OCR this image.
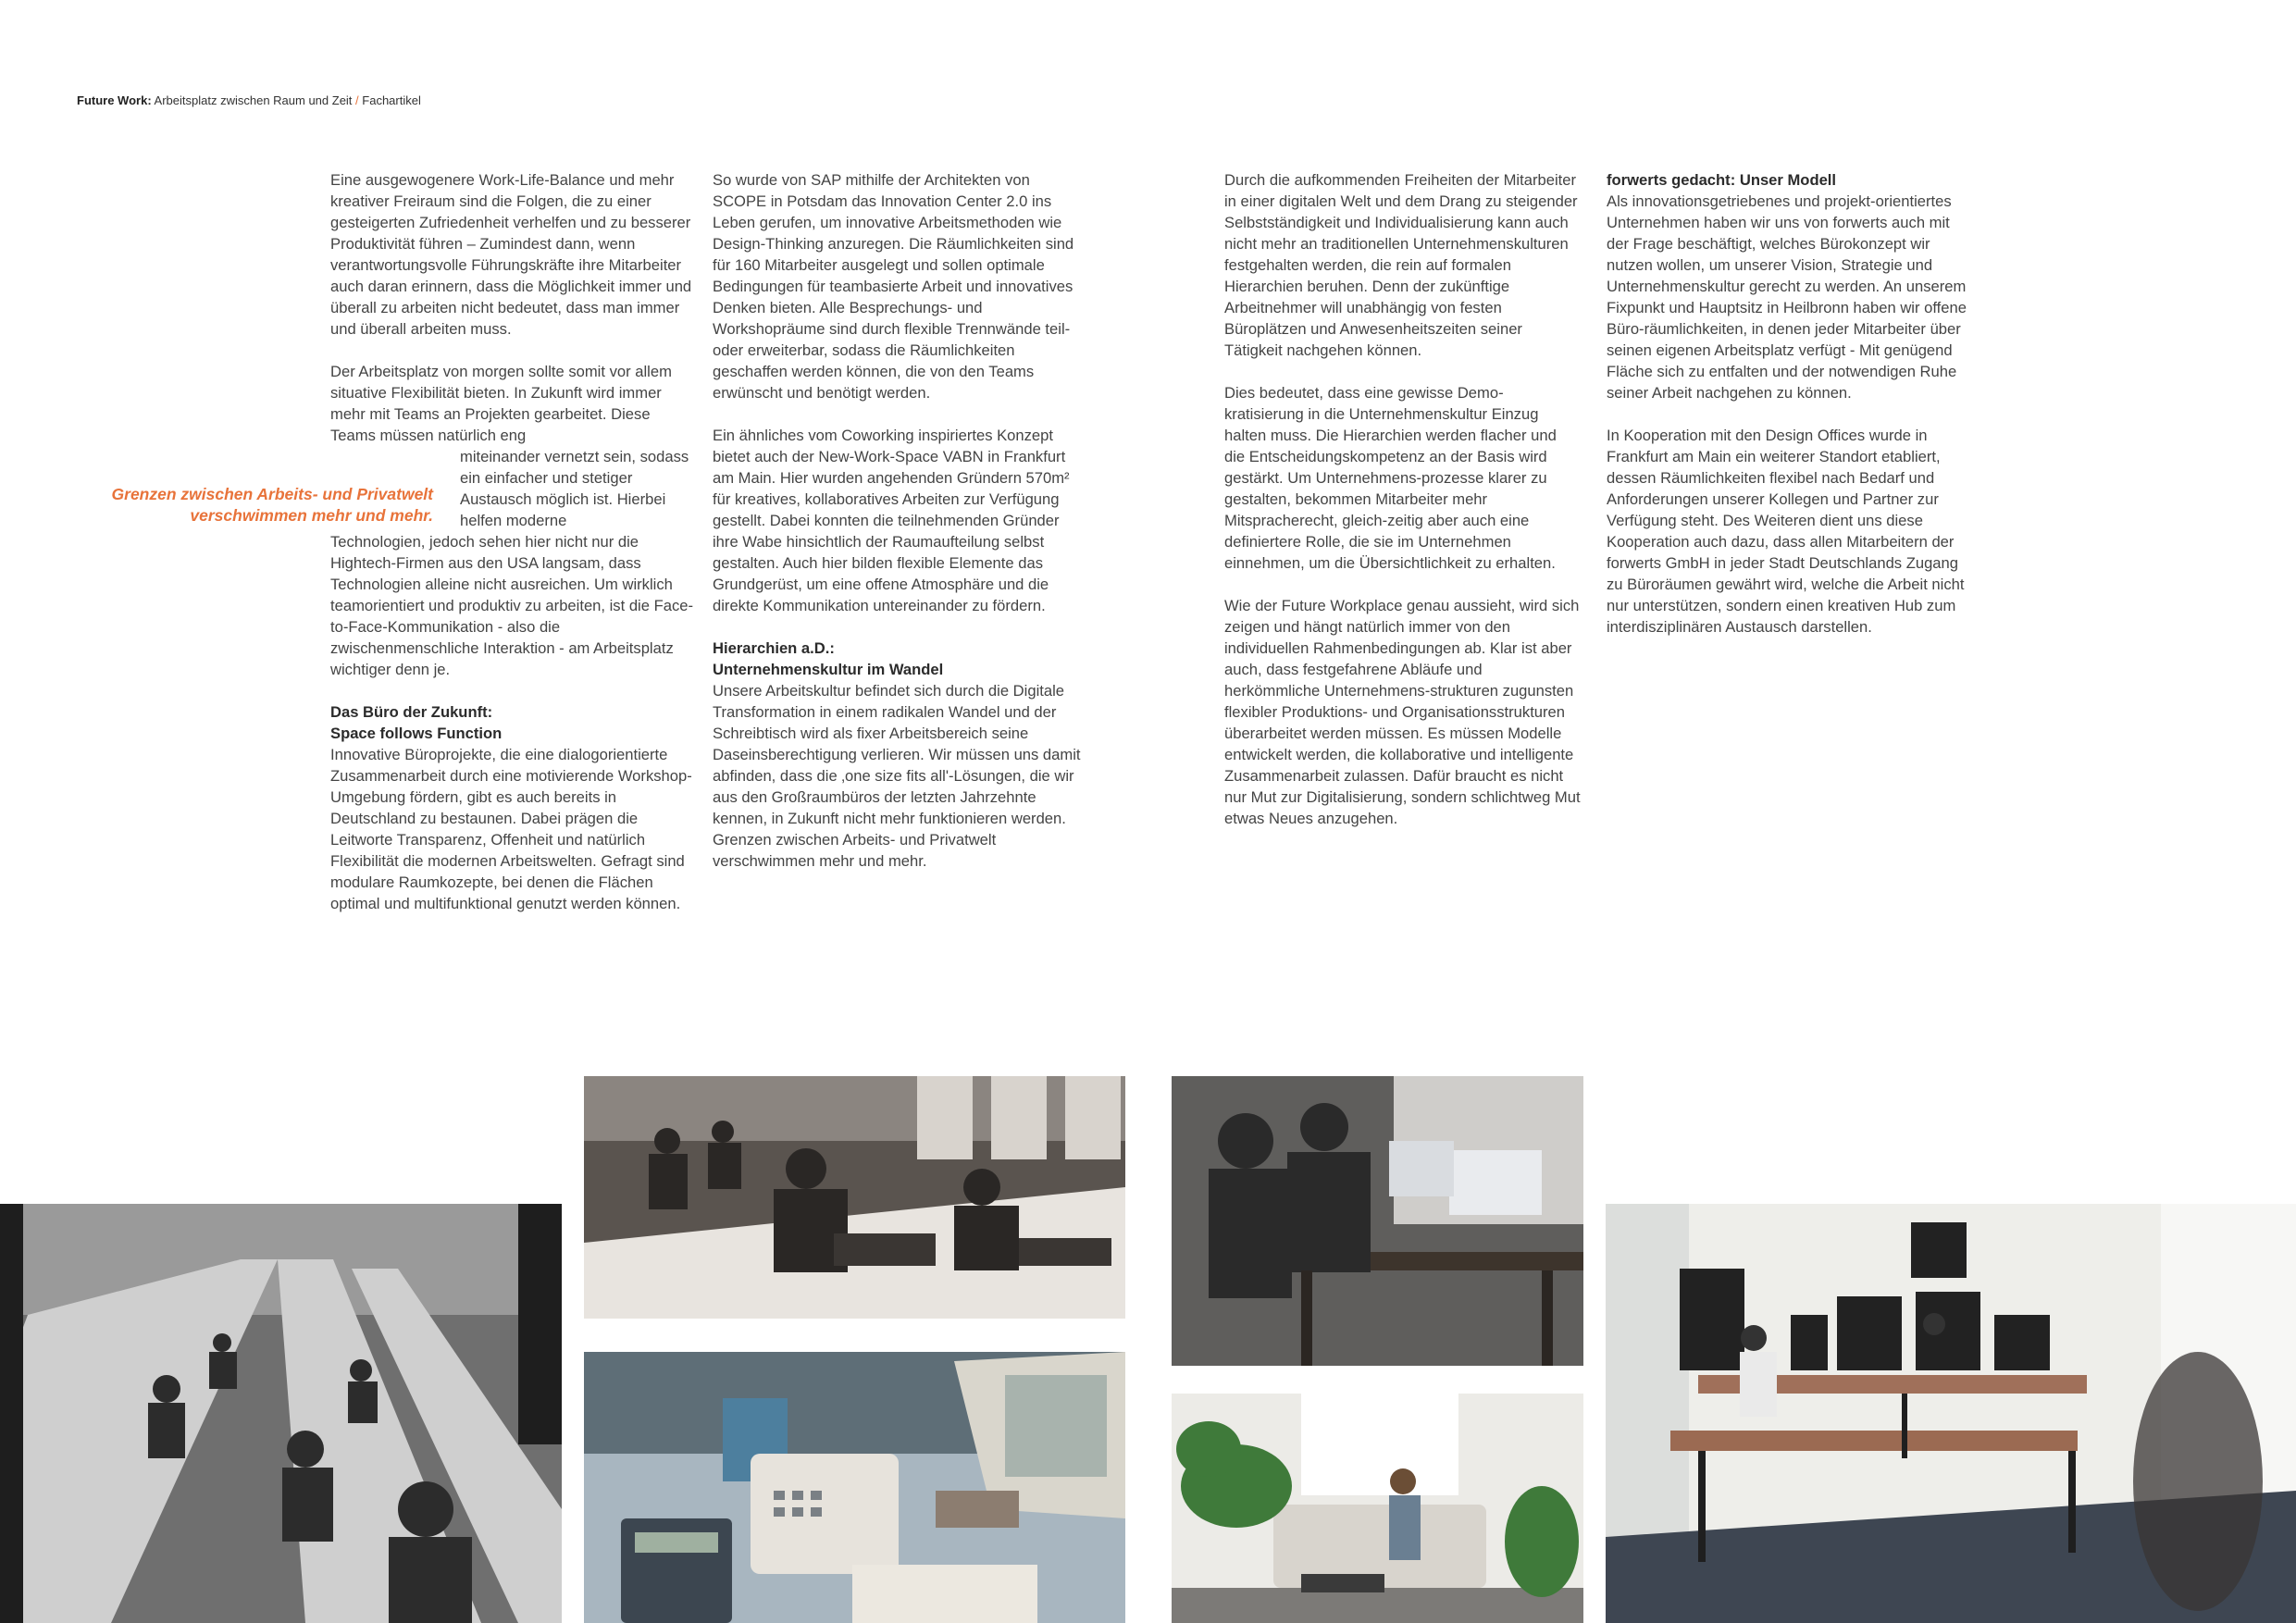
Future Work: Arbeitsplatz zwischen Raum und Zeit / Fachartikel
Grenzen zwischen Arbeits- und Privatwelt
verschwimmen mehr und mehr.

Eine ausgewogenere Work-Life-Balance und mehr kreativer Freiraum sind die Folgen, die zu einer gesteigerten Zufriedenheit verhelfen und zu besserer Produktivität führen – Zumindest dann, wenn verantwortungsvolle Führungskräfte ihre Mitarbeiter auch daran erinnern, dass die Möglichkeit immer und überall zu arbeiten nicht bedeutet, dass man immer und überall arbeiten muss.

Der Arbeitsplatz von morgen sollte somit vor allem situative Flexibilität bieten. In Zukunft wird immer mehr mit Teams an Projekten gearbeitet. Diese Teams müssen natürlich eng

miteinander vernetzt sein, sodass ein einfacher und stetiger Austausch möglich ist. Hierbei helfen moderne

Technologien, jedoch sehen hier nicht nur die Hightech-Firmen aus den USA langsam, dass Technologien alleine nicht ausreichen. Um wirklich teamorientiert und produktiv zu arbeiten, ist die Face-to-Face-Kommunikation - also die zwischenmenschliche Interaktion - am Arbeitsplatz wichtiger denn je.

Das Büro der Zukunft:
Space follows Function
Innovative Büroprojekte, die eine dialogorientierte Zusammenarbeit durch eine motivierende Workshop-Umgebung fördern, gibt es auch bereits in Deutschland zu bestaunen. Dabei prägen die Leitworte Transparenz, Offenheit und natürlich Flexibilität die modernen Arbeitswelten. Gefragt sind modulare Raumkozepte, bei denen die Flächen optimal und multifunktional genutzt werden können.

So wurde von SAP mithilfe der Architekten von SCOPE in Potsdam das Innovation Center 2.0 ins Leben gerufen, um innovative Arbeitsmethoden wie Design-Thinking anzuregen. Die Räumlichkeiten sind für 160 Mitarbeiter ausgelegt und sollen optimale Bedingungen für teambasierte Arbeit und innovatives Denken bieten. Alle Besprechungs- und Workshopräume sind durch flexible Trennwände teil- oder erweiterbar, sodass die Räumlichkeiten geschaffen werden können, die von den Teams erwünscht und benötigt werden.

Ein ähnliches vom Coworking inspiriertes Konzept bietet auch der New-Work-Space VABN in Frankfurt am Main. Hier wurden angehenden Gründern 570m² für kreatives, kollaboratives Arbeiten zur Verfügung gestellt. Dabei konnten die teilnehmenden Gründer ihre Wabe hinsichtlich der Raumaufteilung selbst gestalten. Auch hier bilden flexible Elemente das Grundgerüst, um eine offene Atmosphäre und die direkte Kommunikation untereinander zu fördern.

Hierarchien a.D.:
Unternehmenskultur im Wandel
Unsere Arbeitskultur befindet sich durch die Digitale Transformation in einem radikalen Wandel und der Schreibtisch wird als fixer Arbeitsbereich seine Daseinsberechtigung verlieren. Wir müssen uns damit abfinden, dass die ‚one size fits all'-Lösungen, die wir aus den Großraumbüros der letzten Jahrzehnte kennen, in Zukunft nicht mehr funktionieren werden. Grenzen zwischen Arbeits- und Privatwelt verschwimmen mehr und mehr.

Durch die aufkommenden Freiheiten der Mitarbeiter in einer digitalen Welt und dem Drang zu steigender Selbstständigkeit und Individualisierung kann auch nicht mehr an traditionellen Unternehmenskulturen festgehalten werden, die rein auf formalen Hierarchien beruhen. Denn der zukünftige Arbeitnehmer will unabhängig von festen Büroplätzen und Anwesenheitszeiten seiner Tätigkeit nachgehen können.

Dies bedeutet, dass eine gewisse Demo-kratisierung in die Unternehmenskultur Einzug halten muss. Die Hierarchien werden flacher und die Entscheidungskompetenz an der Basis wird gestärkt. Um Unternehmens-prozesse klarer zu gestalten, bekommen Mitarbeiter mehr Mitspracherecht, gleich-zeitig aber auch eine definiertere Rolle, die sie im Unternehmen einnehmen, um die Übersichtlichkeit zu erhalten.

Wie der Future Workplace genau aussieht, wird sich zeigen und hängt natürlich immer von den individuellen Rahmenbedingungen ab. Klar ist aber auch, dass festgefahrene Abläufe und herkömmliche Unternehmens-strukturen zugunsten flexibler Produktions- und Organisationsstrukturen überarbeitet werden müssen. Es müssen Modelle entwickelt werden, die kollaborative und intelligente Zusammenarbeit zulassen. Dafür braucht es nicht nur Mut zur Digitalisierung, sondern schlichtweg Mut etwas Neues anzugehen.

forwerts gedacht: Unser Modell
Als innovationsgetriebenes und projekt-orientiertes Unternehmen haben wir uns von forwerts auch mit der Frage beschäftigt, welches Bürokonzept wir nutzen wollen, um unserer Vision, Strategie und Unternehmenskultur gerecht zu werden. An unserem Fixpunkt und Hauptsitz in Heilbronn haben wir offene Büro-räumlichkeiten, in denen jeder Mitarbeiter über seinen eigenen Arbeitsplatz verfügt - Mit genügend Fläche sich zu entfalten und der notwendigen Ruhe seiner Arbeit nachgehen zu können.

In Kooperation mit den Design Offices wurde in Frankfurt am Main ein weiterer Standort etabliert, dessen Räumlichkeiten flexibel nach Bedarf und Anforderungen unserer Kollegen und Partner zur Verfügung steht. Des Weiteren dient uns diese Kooperation auch dazu, dass allen Mitarbeitern der forwerts GmbH in jeder Stadt Deutschlands Zugang zu Büroräumen gewährt wird, welche die Arbeit nicht nur unterstützen, sondern einen kreativen Hub zum interdisziplinären Austausch darstellen.
